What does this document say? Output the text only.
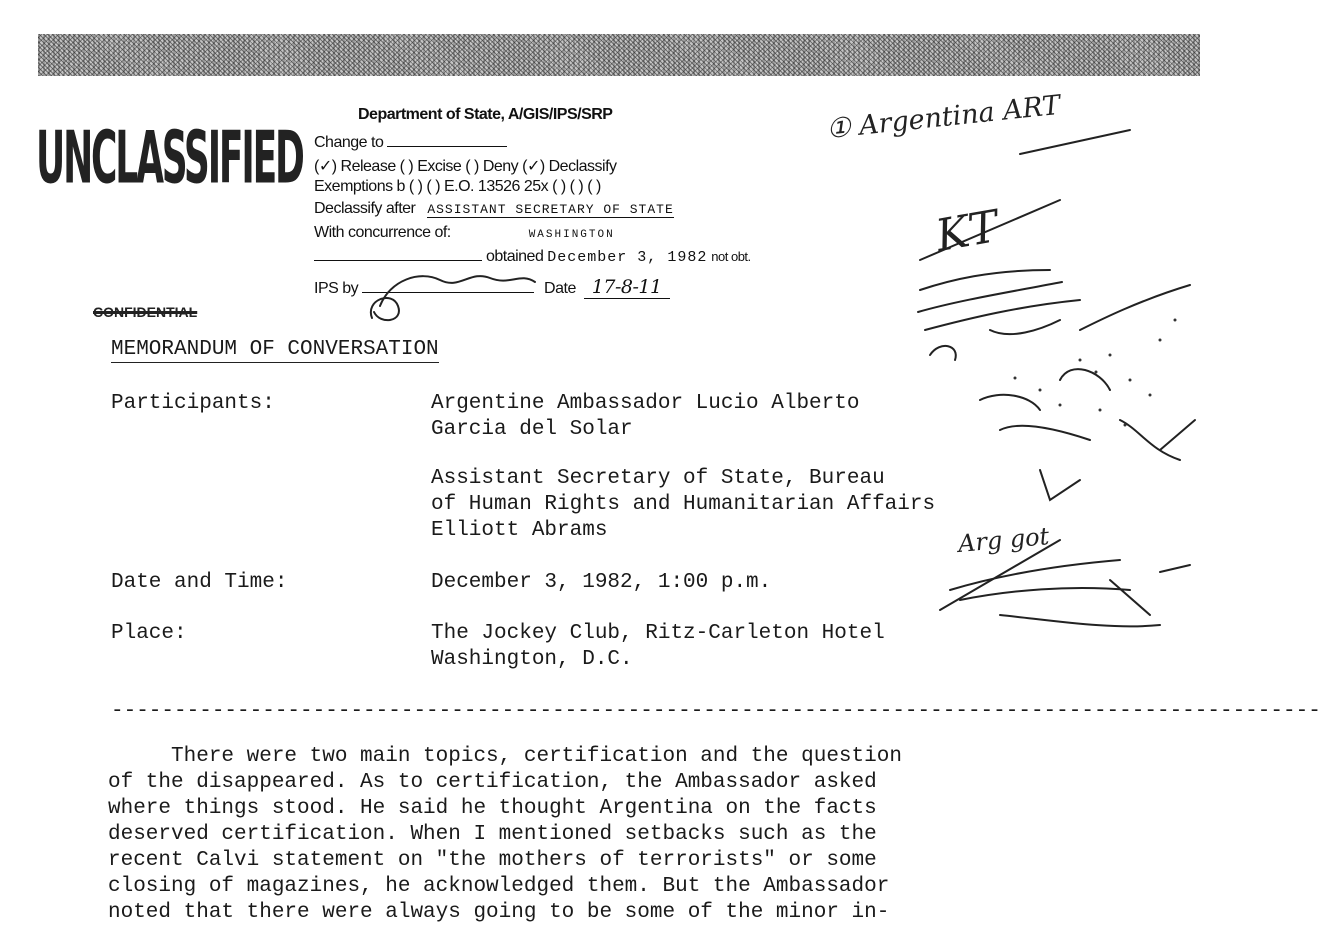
UNCLASSIFIED
Department of State, A/GIS/IPS/SRP
Change to
(✓) Release ( ) Excise ( ) Deny (✓) Declassify
Exemptions b ( ) ( ) E.O. 13526 25x ( ) ( ) ( )
Declassify after ASSISTANT SECRETARY OF STATE
With concurrence of:	WASHINGTON
obtained December 3, 1982 not obt.
IPS by	Date 17-8-11
① Argentina ART
KT
Arg got
CONFIDENTIAL
MEMORANDUM OF CONVERSATION
Participants:	Argentine Ambassador Lucio Alberto
Garcia del Solar
Assistant Secretary of State, Bureau
of Human Rights and Humanitarian Affairs
Elliott Abrams
Date and Time:	December 3, 1982, 1:00 p.m.
Place:	The Jockey Club, Ritz-Carleton Hotel
Washington, D.C.
------------------------------------------------------------------------------------------------
There were two main topics, certification and the question
of the disappeared. As to certification, the Ambassador asked
where things stood. He said he thought Argentina on the facts
deserved certification. When I mentioned setbacks such as the
recent Calvi statement on "the mothers of terrorists" or some
closing of magazines, he acknowledged them. But the Ambassador
noted that there were always going to be some of the minor in-
